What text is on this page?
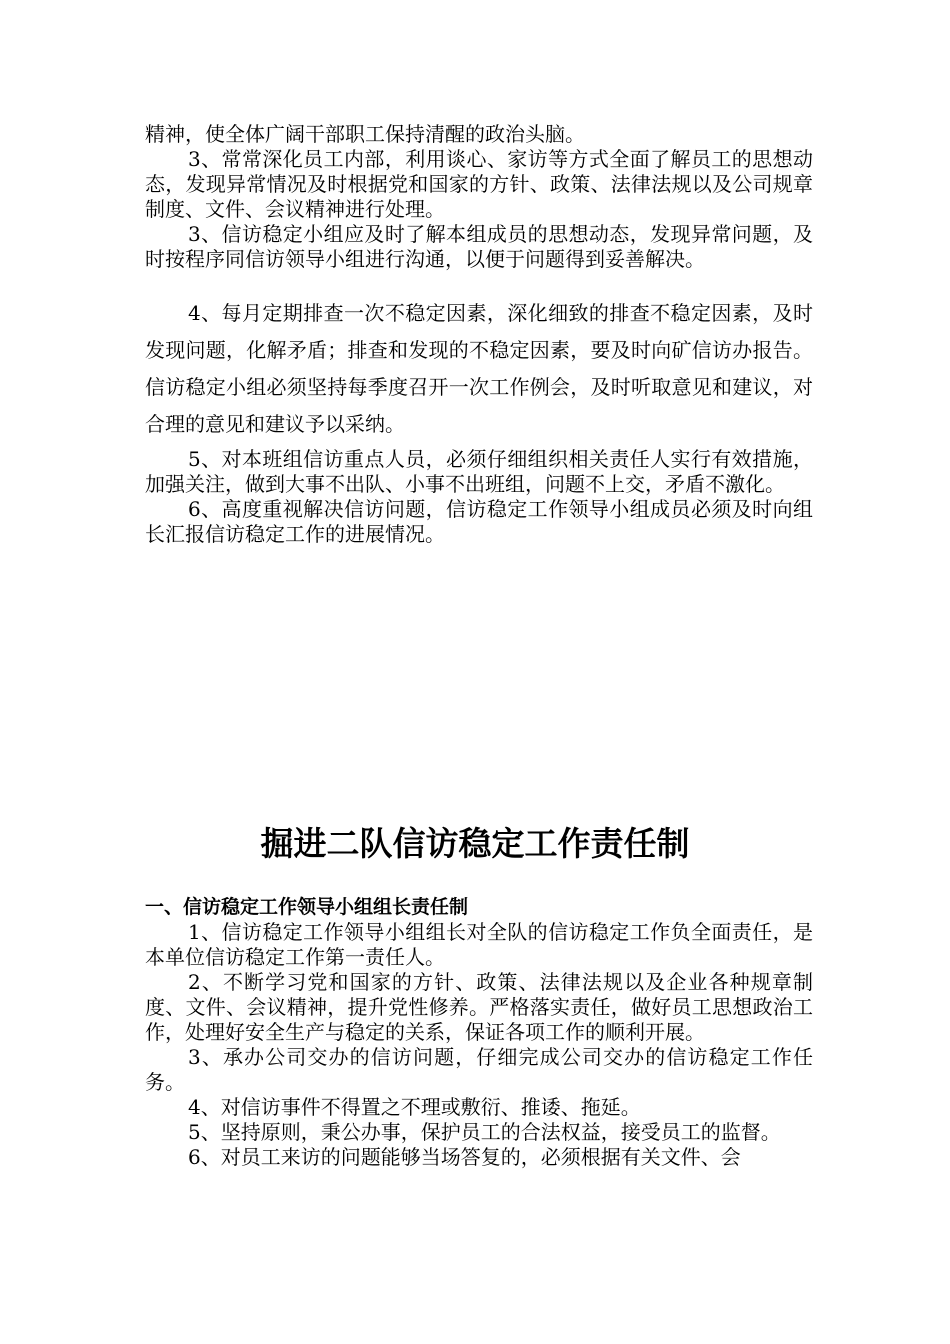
精神，使全体广阔干部职工保持清醒的政治头脑。

3、常常深化员工内部，利用谈心、家访等方式全面了解员工的思想动态，发现异常情况及时根据党和国家的方针、政策、法律法规以及公司规章制度、文件、会议精神进行处理。

3、信访稳定小组应及时了解本组成员的思想动态，发现异常问题，及时按程序同信访领导小组进行沟通，以便于问题得到妥善解决。

4、每月定期排查一次不稳定因素，深化细致的排查不稳定因素，及时发现问题，化解矛盾；排查和发现的不稳定因素，要及时向矿信访办报告。信访稳定小组必须坚持每季度召开一次工作例会，及时听取意见和建议，对合理的意见和建议予以采纳。

5、对本班组信访重点人员，必须仔细组织相关责任人实行有效措施，加强关注，做到大事不出队、小事不出班组，问题不上交，矛盾不激化。

6、高度重视解决信访问题，信访稳定工作领导小组成员必须及时向组长汇报信访稳定工作的进展情况。

掘进二队信访稳定工作责任制
一、信访稳定工作领导小组组长责任制

1、信访稳定工作领导小组组长对全队的信访稳定工作负全面责任，是本单位信访稳定工作第一责任人。

2、不断学习党和国家的方针、政策、法律法规以及企业各种规章制度、文件、会议精神，提升党性修养。严格落实责任，做好员工思想政治工作，处理好安全生产与稳定的关系，保证各项工作的顺利开展。

3、承办公司交办的信访问题，仔细完成公司交办的信访稳定工作任务。

4、对信访事件不得置之不理或敷衍、推诿、拖延。

5、坚持原则，秉公办事，保护员工的合法权益，接受员工的监督。

6、对员工来访的问题能够当场答复的，必须根据有关文件、会
